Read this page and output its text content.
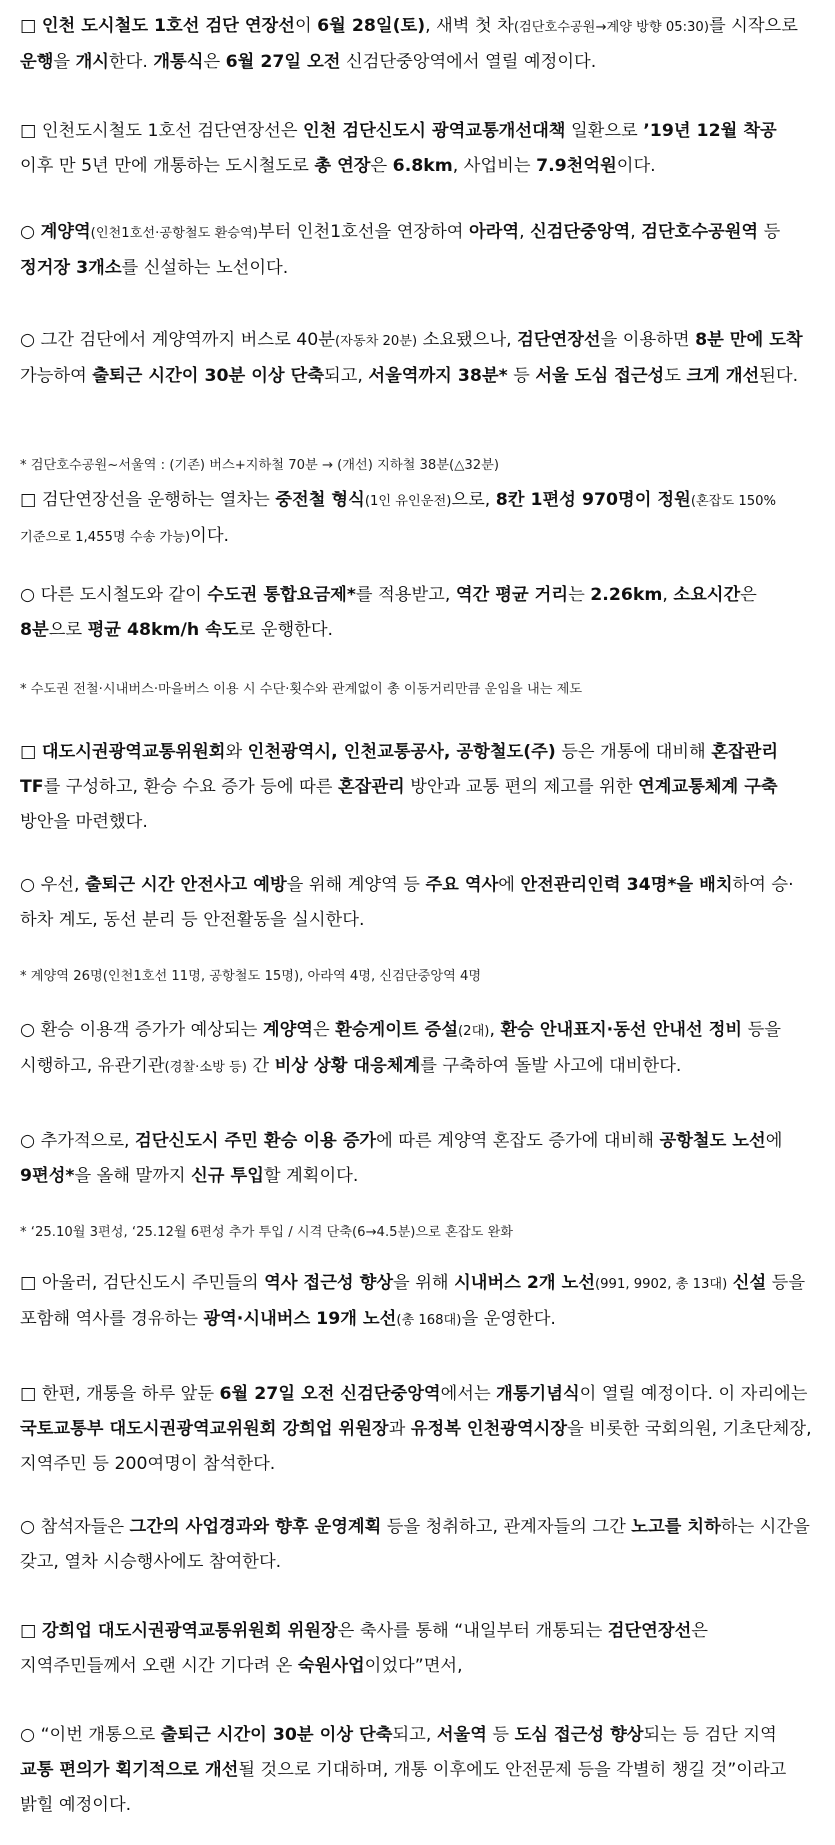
□ 인천 도시철도 1호선 검단 연장선이 6월 28일(토), 새벽 첫 차(검단호수공원→계양 방향 05:30)를 시작으로 운행을 개시한다. 개통식은 6월 27일 오전 신검단중앙역에서 열릴 예정이다.
□ 인천도시철도 1호선 검단연장선은 인천 검단신도시 광역교통개선대책 일환으로 ’19년 12월 착공 이후 만 5년 만에 개통하는 도시철도로 총 연장은 6.8km, 사업비는 7.9천억원이다.
○ 계양역(인천1호선·공항철도 환승역)부터 인천1호선을 연장하여 아라역, 신검단중앙역, 검단호수공원역 등 정거장 3개소를 신설하는 노선이다.
○ 그간 검단에서 계양역까지 버스로 40분(자동차 20분) 소요됐으나, 검단연장선을 이용하면 8분 만에 도착 가능하여 출퇴근 시간이 30분 이상 단축되고, 서울역까지 38분* 등 서울 도심 접근성도 크게 개선된다.
* 검단호수공원~서울역 : (기존) 버스+지하철 70분 → (개선) 지하철 38분(△32분)
□ 검단연장선을 운행하는 열차는 중전철 형식(1인 유인운전)으로, 8칸 1편성 970명이 정원(혼잡도 150% 기준으로 1,455명 수송 가능)이다.
○ 다른 도시철도와 같이 수도권 통합요금제*를 적용받고, 역간 평균 거리는 2.26km, 소요시간은 8분으로 평균 48km/h 속도로 운행한다.
* 수도권 전철·시내버스·마을버스 이용 시 수단·횟수와 관계없이 총 이동거리만큼 운임을 내는 제도
□ 대도시권광역교통위원회와 인천광역시, 인천교통공사, 공항철도(주) 등은 개통에 대비해 혼잡관리 TF를 구성하고, 환승 수요 증가 등에 따른 혼잡관리 방안과 교통 편의 제고를 위한 연계교통체계 구축 방안을 마련했다.
○ 우선, 출퇴근 시간 안전사고 예방을 위해 계양역 등 주요 역사에 안전관리인력 34명*을 배치하여 승·하차 계도, 동선 분리 등 안전활동을 실시한다.
* 계양역 26명(인천1호선 11명, 공항철도 15명), 아라역 4명, 신검단중앙역 4명
○ 환승 이용객 증가가 예상되는 계양역은 환승게이트 증설(2대), 환승 안내표지·동선 안내선 정비 등을 시행하고, 유관기관(경찰·소방 등) 간 비상 상황 대응체계를 구축하여 돌발 사고에 대비한다.
○ 추가적으로, 검단신도시 주민 환승 이용 증가에 따른 계양역 혼잡도 증가에 대비해 공항철도 노선에 9편성*을 올해 말까지 신규 투입할 계획이다.
* ‘25.10월 3편성, ‘25.12월 6편성 추가 투입 / 시격 단축(6→4.5분)으로 혼잡도 완화
□ 아울러, 검단신도시 주민들의 역사 접근성 향상을 위해 시내버스 2개 노선(991, 9902, 총 13대) 신설 등을 포함해 역사를 경유하는 광역·시내버스 19개 노선(총 168대)을 운영한다.
□ 한편, 개통을 하루 앞둔 6월 27일 오전 신검단중앙역에서는 개통기념식이 열릴 예정이다. 이 자리에는 국토교통부 대도시권광역교위원회 강희업 위원장과 유정복 인천광역시장을 비롯한 국회의원, 기초단체장, 지역주민 등 200여명이 참석한다.
○ 참석자들은 그간의 사업경과와 향후 운영계획 등을 청취하고, 관계자들의 그간 노고를 치하하는 시간을 갖고, 열차 시승행사에도 참여한다.
□ 강희업 대도시권광역교통위원회 위원장은 축사를 통해 “내일부터 개통되는 검단연장선은 지역주민들께서 오랜 시간 기다려 온 숙원사업이었다”면서,
○ “이번 개통으로 출퇴근 시간이 30분 이상 단축되고, 서울역 등 도심 접근성 향상되는 등 검단 지역 교통 편의가 획기적으로 개선될 것으로 기대하며, 개통 이후에도 안전문제 등을 각별히 챙길 것”이라고 밝힐 예정이다.
